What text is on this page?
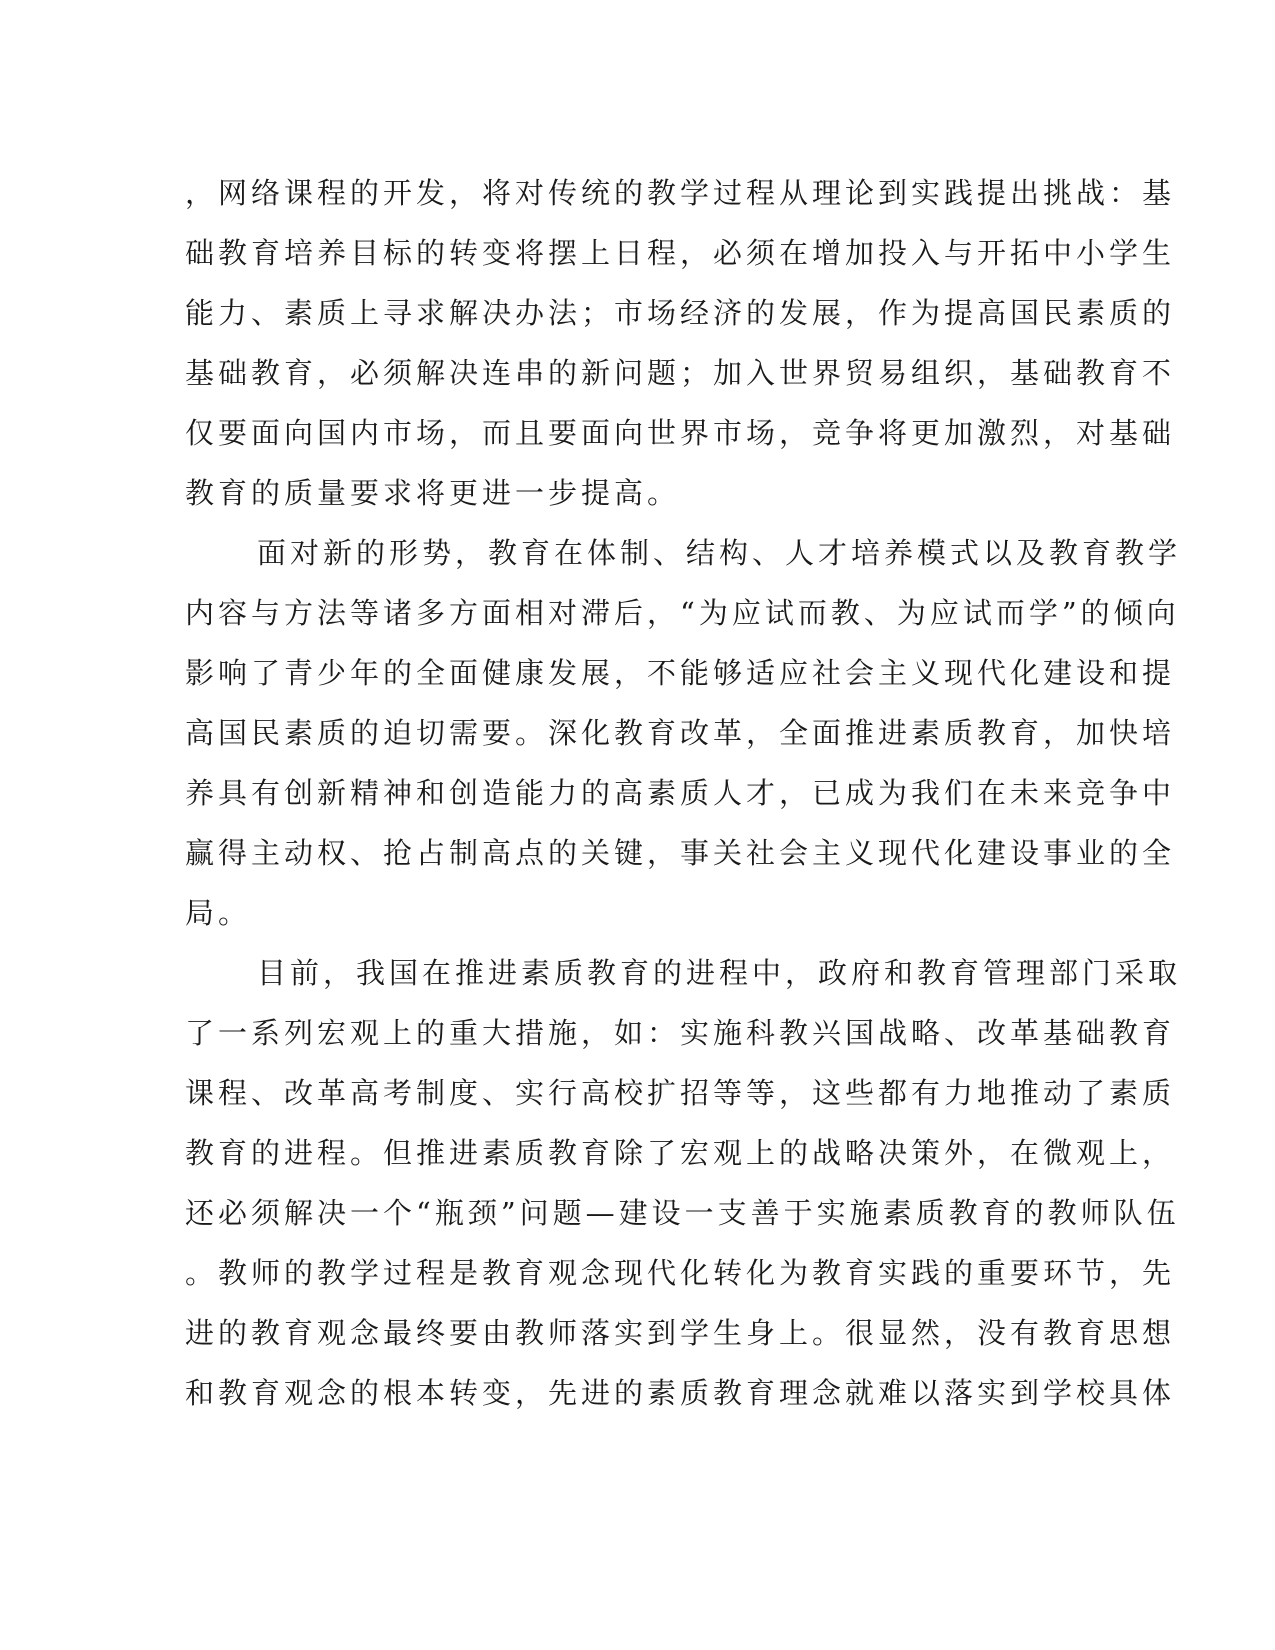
，网络课程的开发，将对传统的教学过程从理论到实践提出挑战：基
础教育培养目标的转变将摆上日程，必须在增加投入与开拓中小学生
能力、素质上寻求解决办法；市场经济的发展，作为提高国民素质的
基础教育，必须解决连串的新问题；加入世界贸易组织，基础教育不
仅要面向国内市场，而且要面向世界市场，竞争将更加激烈，对基础
教育的质量要求将更进一步提高。
面对新的形势，教育在体制、结构、人才培养模式以及教育教学
内容与方法等诸多方面相对滞后，“为应试而教、为应试而学”的倾向
影响了青少年的全面健康发展，不能够适应社会主义现代化建设和提
高国民素质的迫切需要。深化教育改革，全面推进素质教育，加快培
养具有创新精神和创造能力的高素质人才，已成为我们在未来竞争中
赢得主动权、抢占制高点的关键，事关社会主义现代化建设事业的全
局。
目前，我国在推进素质教育的进程中，政府和教育管理部门采取
了一系列宏观上的重大措施，如：实施科教兴国战略、改革基础教育
课程、改革高考制度、实行高校扩招等等，这些都有力地推动了素质
教育的进程。但推进素质教育除了宏观上的战略决策外，在微观上，
还必须解决一个“瓶颈”问题—建设一支善于实施素质教育的教师队伍
。教师的教学过程是教育观念现代化转化为教育实践的重要环节，先
进的教育观念最终要由教师落实到学生身上。很显然，没有教育思想
和教育观念的根本转变，先进的素质教育理念就难以落实到学校具体
